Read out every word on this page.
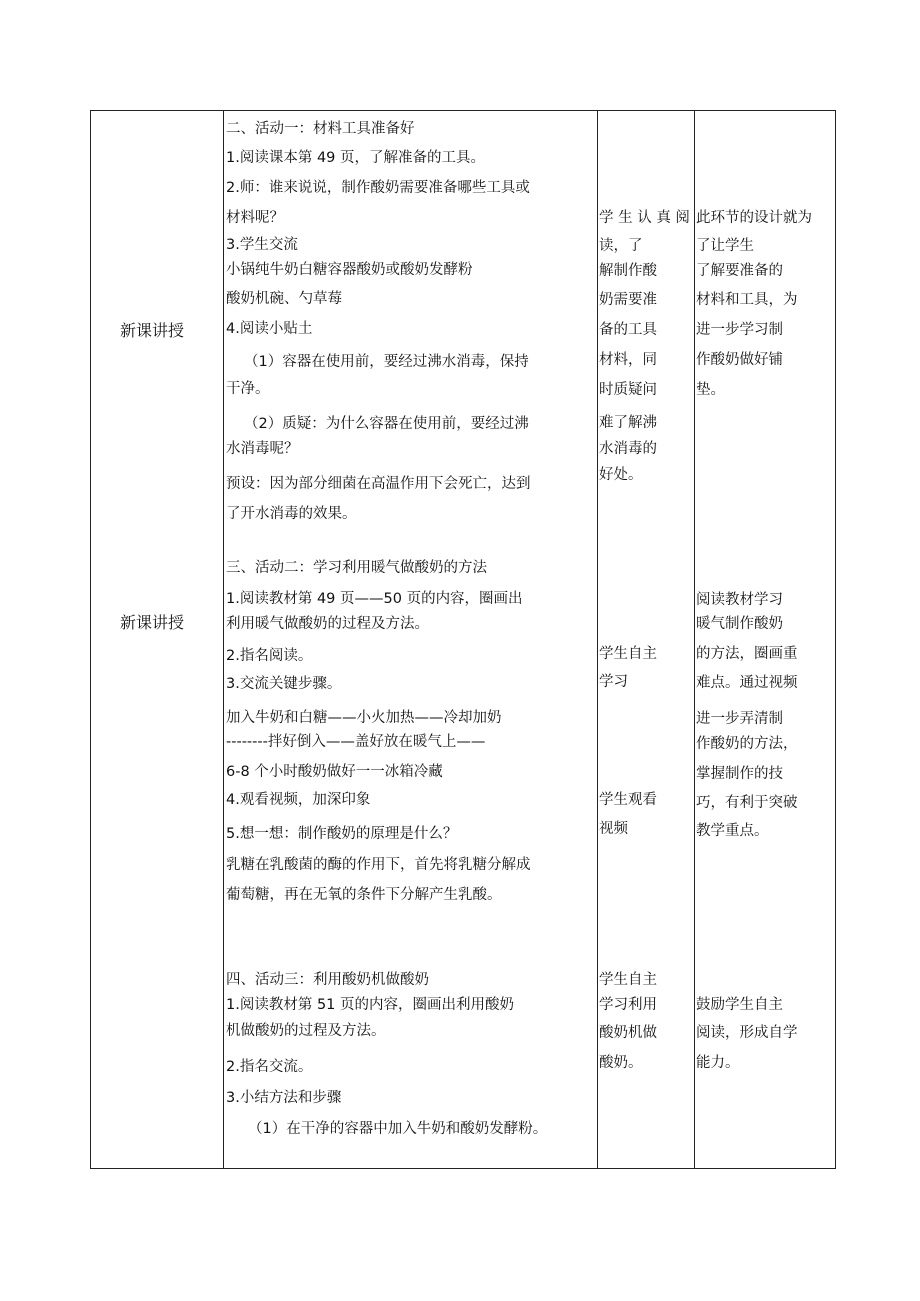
新课讲授
新课讲授
二、活动一：材料工具准备好
1.阅读课本第 49 页，了解准备的工具。
2.师：谁来说说，制作酸奶需要准备哪些工具或
材料呢？
3.学生交流
小锅纯牛奶白糖容器酸奶或酸奶发酵粉
酸奶机碗、勺草莓
4.阅读小贴土
（1）容器在使用前，要经过沸水消毒，保持
干净。
（2）质疑：为什么容器在使用前，要经过沸
水消毒呢？
预设：因为部分细菌在高温作用下会死亡，达到
了开水消毒的效果。
三、活动二：学习利用暖气做酸奶的方法
1.阅读教材第 49 页——50 页的内容，圈画出
利用暖气做酸奶的过程及方法。
2.指名阅读。
3.交流关键步骤。
加入牛奶和白糖——小火加热——冷却加奶
--------拌好倒入——盖好放在暖气上——
6-8 个小时酸奶做好一一冰箱冷藏
4.观看视频，加深印象
5.想一想：制作酸奶的原理是什么？
乳糖在乳酸菌的酶的作用下，首先将乳糖分解成
葡萄糖，再在无氧的条件下分解产生乳酸。
四、活动三：利用酸奶机做酸奶
1.阅读教材第 51 页的内容，圈画出利用酸奶
机做酸奶的过程及方法。
2.指名交流。
3.小结方法和步骤
（1）在干净的容器中加入牛奶和酸奶发酵粉。
学 生 认 真 阅
读，了
解制作酸
奶需要准
备的工具
材料，同
时质疑问
难了解沸
水消毒的
好处。
学生自主
学习
学生观看
视频
学生自主
学习利用
酸奶机做
酸奶。
此环节的设计就为
了让学生
了解要准备的
材料和工具，为
进一步学习制
作酸奶做好铺
垫。
阅读教材学习
暖气制作酸奶
的方法，圈画重
难点。通过视频
进一步弄清制
作酸奶的方法，
掌握制作的技
巧，有利于突破
教学重点。
鼓励学生自主
阅读，形成自学
能力。
